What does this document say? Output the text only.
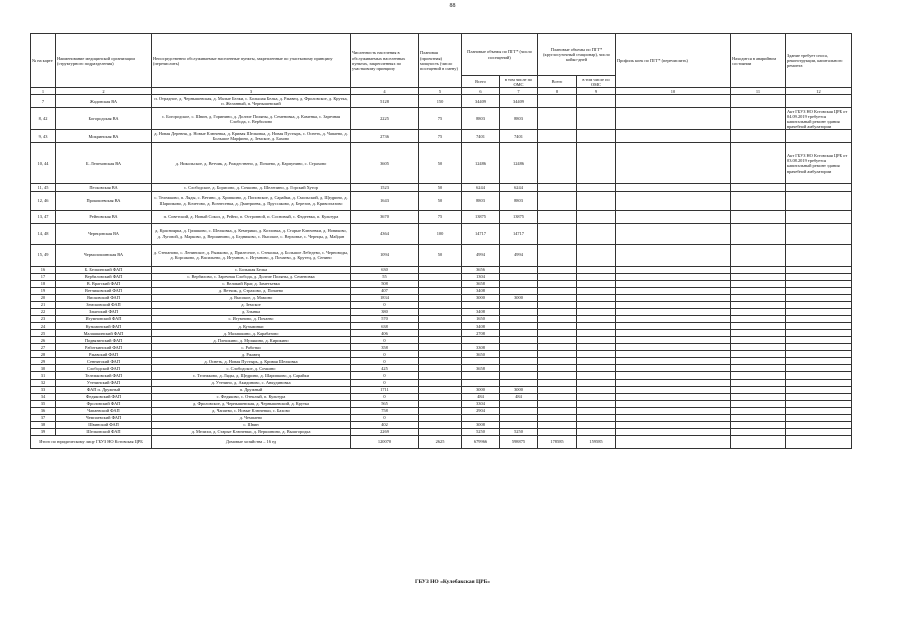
88
№ на карте	Наименование медицинской организации (структурного подразделения)	Непосредственно обслуживаемые населенные пункты, закрепленные по участковому принципу (перечислить)	Численность населения в обслуживаемых населенных пунктах, закрепленных по участковому принципу	Плановая (проектная) мощность (число посещений в смену)	Плановые объемы по ПГГ* (число посещений)		Плановые объемы по ПГГ* (круглосуточный стационар), число койко-дней		Профиль коек по ПГГ* (перечислить)	Находится в аварийном состоянии	Здание требует сноса, реконструкции, капитального ремонта
					Всего	в том числе по ОМС	Всего	в том числе по ОМС			
1	2	3	4	5	6	7	8	9	10	11	12
7	Жадовская ВА	п. Отрадное, д. Чернышевская, д. Малые Белки, с. Большая Белка, д. Ржавец, д. Фроловское, д. Крутка, п. Желанный, п. Чернышевский	5128	150	34409	34409					
8, 42	Богородская ВА	с. Богородское, с. Швин, д. Горинино, д. Долгие Поляны, д. Семеновка, д. Каменка, с. Заречная Слобода, с. Вербилово	2225	75	8803	8803					Акт ГБУЗ НО Кстовская ЦРБ от 04.09.2019 требуется капитальный ремонт здания врачебной амбулатории
9, 43	Мокринская ВА	д. Новая Деревня, д. Новые Ключевка, д. Кривая Шелковка, д. Новая Пустырь, с. Оснеть, д. Чапаево, д. Большое Марфино, д. Земское, д. Бахово	2736	75	7401	7401					
10, 44	Б. Лепеховская ВА	д. Никольское, д. Ветчик, д. Рождествено, д. Почаево, д. Карпунино, с. Страхово	3605	50	12486	12486					Акт ГБУЗ НО Кстовская ЦРБ от 03.08.2019 требуется капитальный ремонт здания врачебной амбулатории
11, 45	Песковская ВА	с. Слободское, д. Борисово, д. Сочкино, д. Шелепино, д. Горский Хутор	1523	50	6244	6244					
12, 46	Прокошевская ВА	с. Тележково, п. Ляды, с. Ветино, д. Хрипкино, д. Поповское, д. Сарайки, д. Смольский, д. Щедрино, д. Шарипково, д. Кочетово, д. Вознесенка, д. Дмитриевк, д. Пруссаково, д. Березов, д. Кривоглазово	1643	50	8803	8803					
13, 47	Рейновская ВА	п. Советский, д. Новый Сокол, д. Рейно, п. Островной, п. Сосновый, с. Фадеевка, п. Культура	3670	75	13875	13875					
14, 48	Чернцовская ВА	д. Красноярка, д. Гришково, с. Шелковка, д. Кемерики, д. Козловка, д. Старые Ключевки, д. Новиково, д. Луговой, д. Марково, д. Вершинино, д. Бедниково, с. Высокое, с. Верховье, с. Чернцы, д. Майдан	4364	100	14717	14717					
15, 49	Чермолошинская ВА	д. Степаново, с. Ленинское, д. Рыжково, д. Прилесное, с. Стеколка, д. Большое Лебедево, с. Черноводы, д. Корсаково, д. Васильево, д. Игумнов, с. Игумново, д. Почаево, д. Крутец, д. Сенино	1094	50	4994	4994					
16	Б. Белкинский ФАП	с. Большая Белка	630		3656						
17	Вербиловский ФАП	с. Вербилово, с. Заречная Слобода, д. Долгие Поляны, д. Семеновка	55		1304						
18	В. Врагский ФАП	с. Великий Враг, д. Заметьевка	508		3658						
19	Ветчиковский ФАП	д. Ветчик, д. Страхово, д. Почаево	407		3408						
20	Висковский ФАП	д. Высокое, д. Мамоно	1834		3000	3000					
21	Земсковский ФАП	д. Земское	0								
22	Злынский ФАП	д. Злынка	380		3408						
23	Игумновский ФАП	с. Игумново, д. Почаево	570		1650						
24	Кузьминский ФАП	д. Кузьминки	638		3408						
25	Малашкинский ФАП	д. Малашкино, д. Карабатово	406		2708						
26	Подвязинский ФАП	д. Плешкино, д. Мулякино, д. Кирикино	0								
27	Работкинский ФАП	с. Работки	358		3308						
28	Ржавский ФАП	д. Ржавец	0		3650						
29	Сеннятский ФАП	д. Оснеть, д. Новая Пустырь, д. Кривая Шелковка	0								
30	Слободской ФАП	с. Слободское, д. Сочкино	425		3658						
31	Тележковский ФАП	с. Тележково, д. Ляды, д. Щедрино, д. Шарипково, д. Сарайки	0								
32	Утечинский ФАП	д. Утечино, д. Акидиново, с. Анкудиновка	0								
33	ФАП п. Дружный	п. Дружный	1711		3000	3000					
34	Федяковский ФАП	с. Федяково, с. Отеклый, п. Культура	0		484	484					
35	Фроловский ФАП	д. Фроловское, д. Чернышевская, д. Чернышевский, д. Крутка	565		3304						
36	Чапаевский ФАП	д. Чапаево, с. Новые Ключевки, с. Бахово	758		2904						
37	Чемпаевский ФАП	д. Чемпаево	0								
38	Швинский ФАП	с. Швин	402		3008						
39	Шелковский ФАП	д. Мелихи, д. Старые Ключевки, д. Вершинино, д. Вышгородка	2269		5250	5250					
Итого по юридическому лицу ГБУЗ НО Кстовская ЦРБ		Домовые хозяйства – 16 ед	120070	2625	679966	598875	178585	159585			
ГБУЗ НО «Кулебакская ЦРБ»
